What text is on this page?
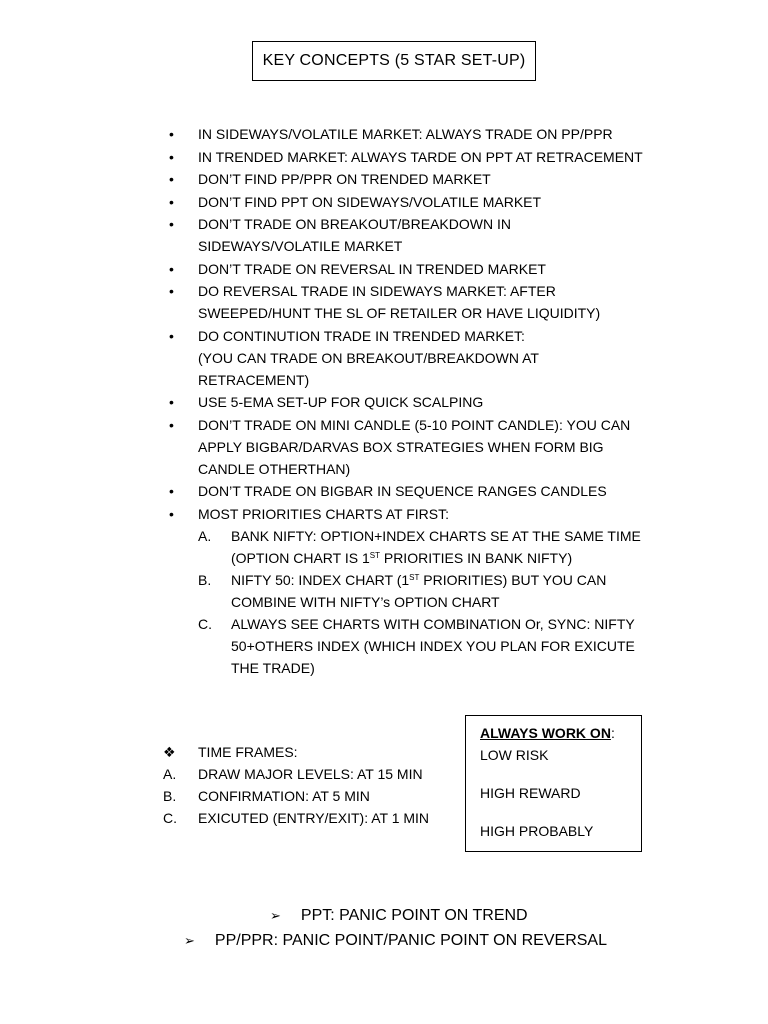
KEY CONCEPTS (5 STAR SET-UP)
• IN SIDEWAYS/VOLATILE MARKET: ALWAYS TRADE ON PP/PPR
• IN TRENDED MARKET: ALWAYS TARDE ON PPT AT RETRACEMENT
• DON’T FIND PP/PPR ON TRENDED MARKET
• DON’T FIND PPT ON SIDEWAYS/VOLATILE MARKET
• DON’T TRADE ON BREAKOUT/BREAKDOWN IN SIDEWAYS/VOLATILE MARKET
• DON’T TRADE ON REVERSAL IN TRENDED MARKET
• DO REVERSAL TRADE IN SIDEWAYS MARKET: AFTER SWEEPED/HUNT THE SL OF RETAILER OR HAVE LIQUIDITY)
• DO CONTINUTION TRADE IN TRENDED MARKET:
(YOU CAN TRADE ON BREAKOUT/BREAKDOWN AT RETRACEMENT)
• USE 5-EMA SET-UP FOR QUICK SCALPING
• DON’T TRADE ON MINI CANDLE (5-10 POINT CANDLE): YOU CAN APPLY BIGBAR/DARVAS BOX STRATEGIES WHEN FORM BIG CANDLE OTHERTHAN)
• DON’T TRADE ON BIGBAR IN SEQUENCE RANGES CANDLES
• MOST PRIORITIES CHARTS AT FIRST:
A. BANK NIFTY: OPTION+INDEX CHARTS SE AT THE SAME TIME (OPTION CHART IS 1ST PRIORITIES IN BANK NIFTY)
B. NIFTY 50: INDEX CHART (1ST PRIORITIES) BUT YOU CAN COMBINE WITH NIFTY’s OPTION CHART
C. ALWAYS SEE CHARTS WITH COMBINATION Or, SYNC: NIFTY 50+OTHERS INDEX (WHICH INDEX YOU PLAN FOR EXICUTE THE TRADE)
❖ TIME FRAMES:
A. DRAW MAJOR LEVELS: AT 15 MIN
B. CONFIRMATION: AT 5 MIN
C. EXICUTED (ENTRY/EXIT): AT 1 MIN
ALWAYS WORK ON:
LOW RISK
HIGH REWARD
HIGH PROBABLY
➢ PPT: PANIC POINT ON TREND
➢ PP/PPR: PANIC POINT/PANIC POINT ON REVERSAL
